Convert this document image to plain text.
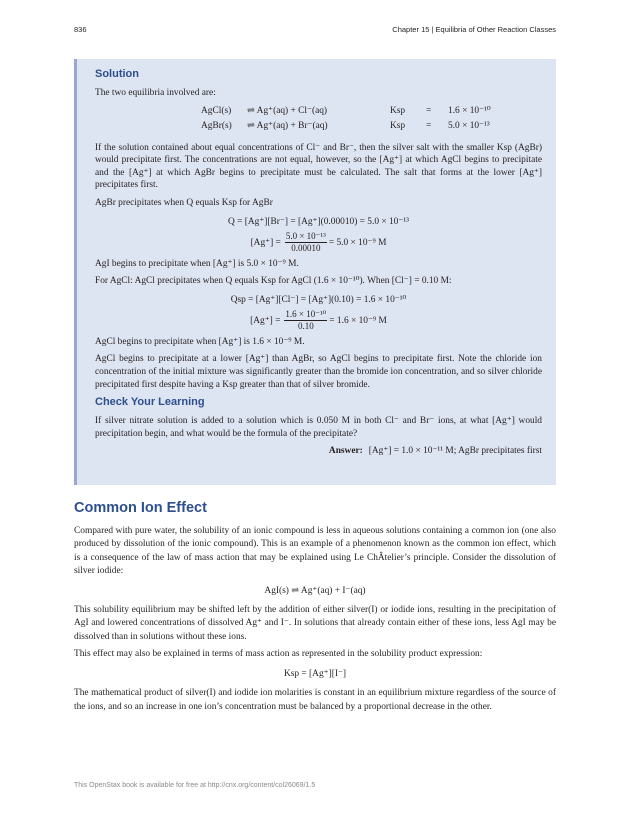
836	Chapter 15 | Equilibria of Other Reaction Classes
Solution

The two equilibria involved are:

AgCl(s)	⇌ Ag⁺(aq) + Cl⁻(aq)	Ksp	=	1.6 × 10⁻¹⁰
AgBr(s)	⇌ Ag⁺(aq) + Br⁻(aq)	Ksp	=	5.0 × 10⁻¹³

If the solution contained about equal concentrations of Cl⁻ and Br⁻, then the silver salt with the smaller Ksp (AgBr) would precipitate first. The concentrations are not equal, however, so the [Ag⁺] at which AgCl begins to precipitate and the [Ag⁺] at which AgBr begins to precipitate must be calculated. The salt that forms at the lower [Ag⁺] precipitates first.

AgBr precipitates when Q equals Ksp for AgBr

Q = [Ag⁺][Br⁻] = [Ag⁺](0.00010) = 5.0 × 10⁻¹³
$[Ag^+] = \frac{\text{5.0 × 10⁻¹³}}{0.00010} = 5.0 \times 10^{-9}$ M

AgI begins to precipitate when [Ag⁺] is 5.0 × 10⁻⁹ M.

For AgCl: AgCl precipitates when Q equals Ksp for AgCl (1.6 × 10⁻¹⁰). When [Cl⁻] = 0.10 M:

Qsp = [Ag⁺][Cl⁻] = [Ag⁺](0.10) = 1.6 × 10⁻¹⁰
$[Ag^+] = \frac{\text{1.6 × 10⁻¹⁰}}{0.10} = 1.6 \times 10^{-9}$ M

AgCl begins to precipitate when [Ag⁺] is 1.6 × 10⁻⁹ M.

AgCl begins to precipitate at a lower [Ag⁺] than AgBr, so AgCl begins to precipitate first. Note the chloride ion concentration of the initial mixture was significantly greater than the bromide ion concentration, and so silver chloride precipitated first despite having a Ksp greater than that of silver bromide.

Check Your Learning

If silver nitrate solution is added to a solution which is 0.050 M in both Cl⁻ and Br⁻ ions, at what [Ag⁺] would precipitation begin, and what would be the formula of the precipitate?

Answer: [Ag⁺] = 1.0 × 10⁻¹¹ M; AgBr precipitates first
Common Ion Effect

Compared with pure water, the solubility of an ionic compound is less in aqueous solutions containing a common ion (one also produced by dissolution of the ionic compound). This is an example of a phenomenon known as the common ion effect, which is a consequence of the law of mass action that may be explained using Le ChÂtelier’s principle. Consider the dissolution of silver iodide:

AgI(s) ⇌ Ag⁺(aq) + I⁻(aq)

This solubility equilibrium may be shifted left by the addition of either silver(I) or iodide ions, resulting in the precipitation of AgI and lowered concentrations of dissolved Ag⁺ and I⁻. In solutions that already contain either of these ions, less AgI may be dissolved than in solutions without these ions.

This effect may also be explained in terms of mass action as represented in the solubility product expression:

Ksp = [Ag⁺][I⁻]

The mathematical product of silver(I) and iodide ion molarities is constant in an equilibrium mixture regardless of the source of the ions, and so an increase in one ion’s concentration must be balanced by a proportional decrease in the other.

This OpenStax book is available for free at http://cnx.org/content/col26069/1.5
